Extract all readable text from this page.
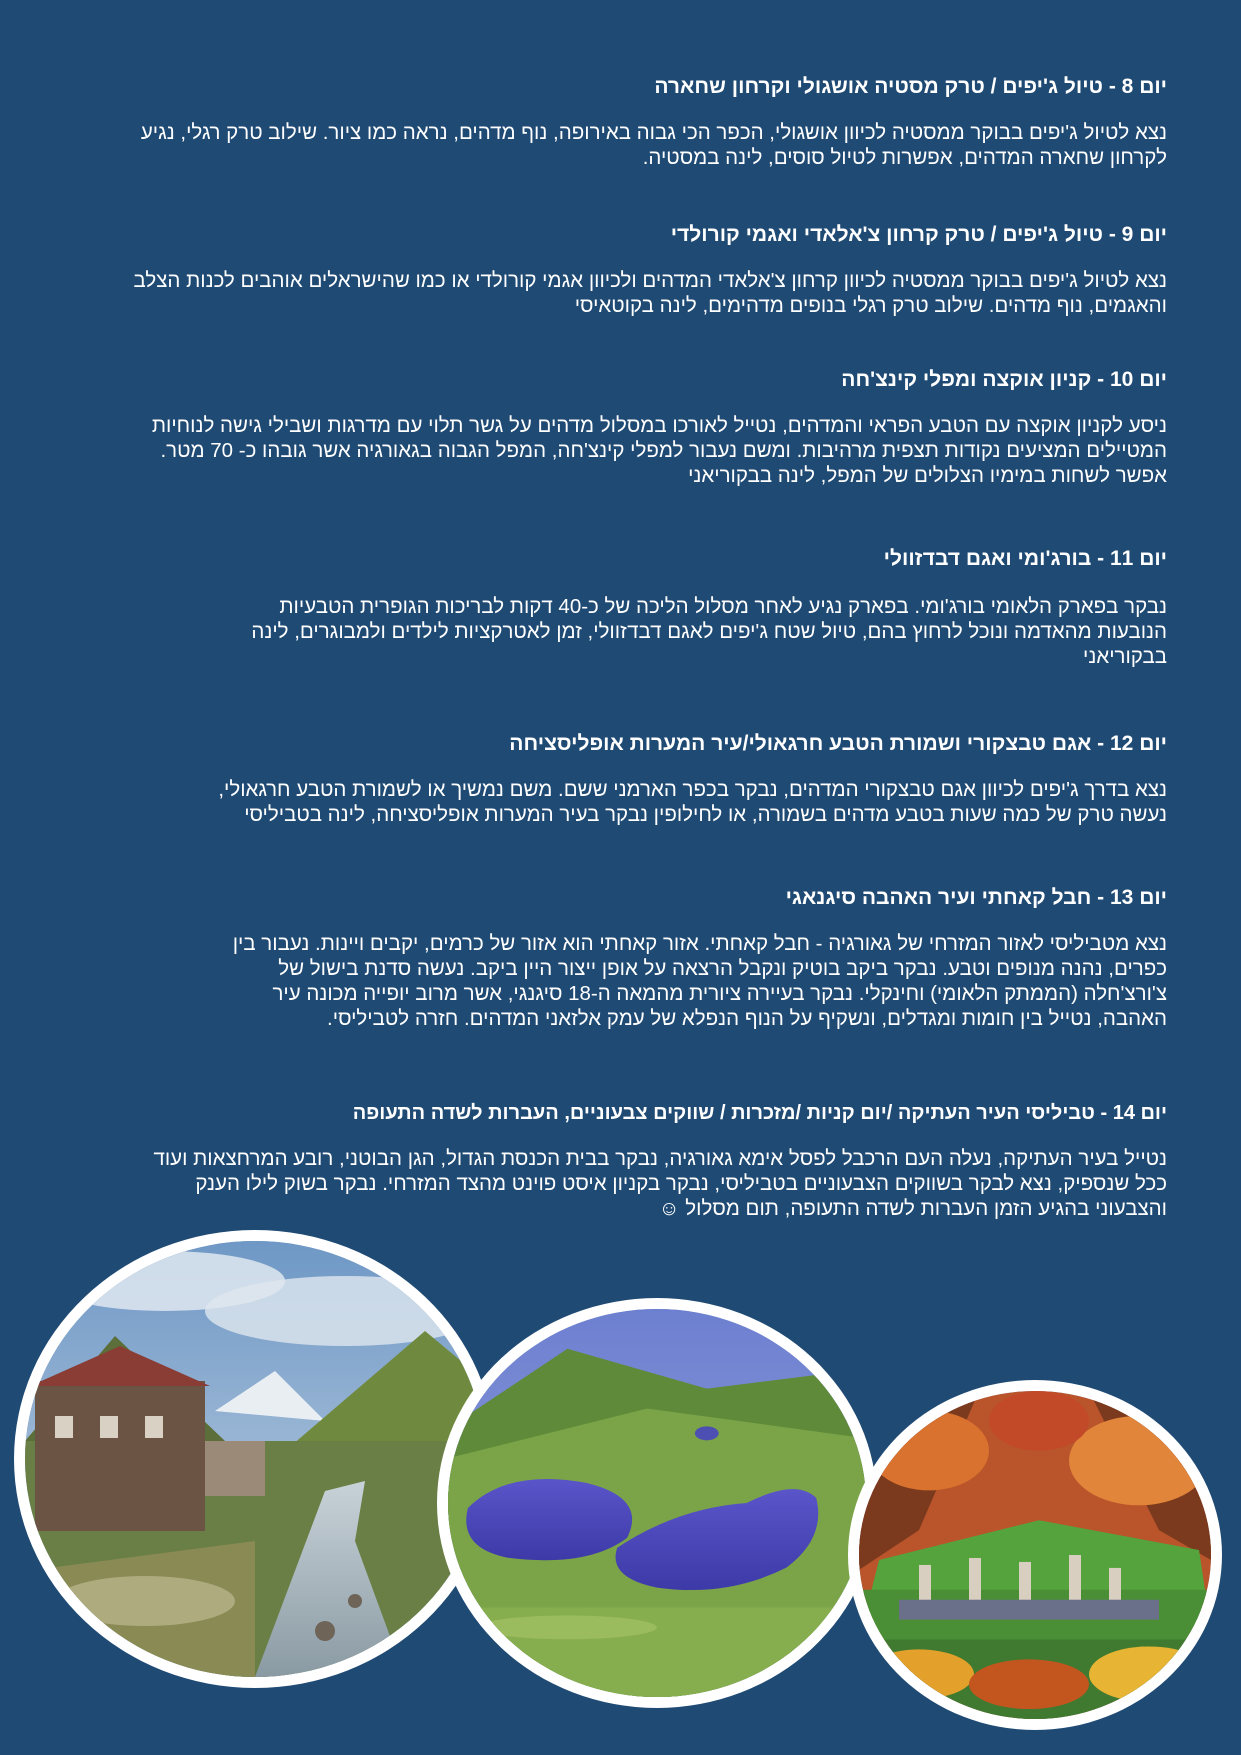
יום 8 - טיול ג'יפים / טרק מסטיה אושגולי וקרחון שחארה

נצא לטיול ג'יפים בבוקר ממסטיה לכיוון אושגולי, הכפר הכי גבוה באירופה, נוף מדהים, נראה כמו ציור. שילוב טרק רגלי, נגיע
לקרחון שחארה המדהים, אפשרות לטיול סוסים, לינה במסטיה.

יום 9 - טיול ג'יפים / טרק קרחון צ'אלאדי ואגמי קורולדי

נצא לטיול ג'יפים בבוקר ממסטיה לכיוון קרחון צ'אלאדי המדהים ולכיוון אגמי קורולדי או כמו שהישראלים אוהבים לכנות הצלב
והאגמים, נוף מדהים. שילוב טרק רגלי בנופים מדהימים, לינה בקוטאיסי

יום 10 - קניון אוקצה ומפלי קינצ'חה

ניסע לקניון אוקצה עם הטבע הפראי והמדהים, נטייל לאורכו במסלול מדהים על גשר תלוי עם מדרגות ושבילי גישה לנוחיות
המטיילים המציעים נקודות תצפית מרהיבות. ומשם נעבור למפלי קינצ'חה, המפל הגבוה בגאורגיה אשר גובהו כ- 70 מטר.
אפשר לשחות במימיו הצלולים של המפל, לינה בבקוריאני

יום 11 - בורג'ומי ואגם דבדזוולי

נבקר בפארק הלאומי בורג'ומי. בפארק נגיע לאחר מסלול הליכה של כ-40 דקות לבריכות הגופרית הטבעיות
הנובעות מהאדמה ונוכל לרחוץ בהם, טיול שטח ג'יפים לאגם דבדזוולי, זמן לאטרקציות לילדים ולמבוגרים, לינה
בבקוריאני

יום 12 - אגם טבצקורי ושמורת הטבע חרגאולי/עיר המערות אופליסציחה

נצא בדרך ג'יפים לכיוון אגם טבצקורי המדהים, נבקר בכפר הארמני ששם. משם נמשיך או לשמורת הטבע חרגאולי,
נעשה טרק של כמה שעות בטבע מדהים בשמורה, או לחילופין נבקר בעיר המערות אופליסציחה, לינה בטביליסי

יום 13 - חבל קאחתי ועיר האהבה סיגנאגי

נצא מטביליסי לאזור המזרחי של גאורגיה - חבל קאחתי. אזור קאחתי הוא אזור של כרמים, יקבים ויינות. נעבור בין
כפרים, נהנה מנופים וטבע. נבקר ביקב בוטיק ונקבל הרצאה על אופן ייצור היין ביקב. נעשה סדנת בישול של
צ'ורצ'חלה (הממתק הלאומי) וחינקלי. נבקר בעיירה ציורית מהמאה ה-18 סיגנגי, אשר מרוב יופייה מכונה עיר
האהבה, נטייל בין חומות ומגדלים, ונשקיף על הנוף הנפלא של עמק אלזאני המדהים. חזרה לטביליסי.

יום 14 - טביליסי העיר העתיקה /יום קניות /מזכרות / שווקים צבעוניים, העברות לשדה התעופה

נטייל בעיר העתיקה, נעלה העם הרכבל לפסל אימא גאורגיה, נבקר בבית הכנסת הגדול, הגן הבוטני, רובע המרחצאות ועוד
ככל שנספיק, נצא לבקר בשווקים הצבעוניים בטביליסי, נבקר בקניון איסט פוינט מהצד המזרחי. נבקר בשוק לילו הענק
והצבעוני בהגיע הזמן העברות לשדה התעופה, תום מסלול ☺
